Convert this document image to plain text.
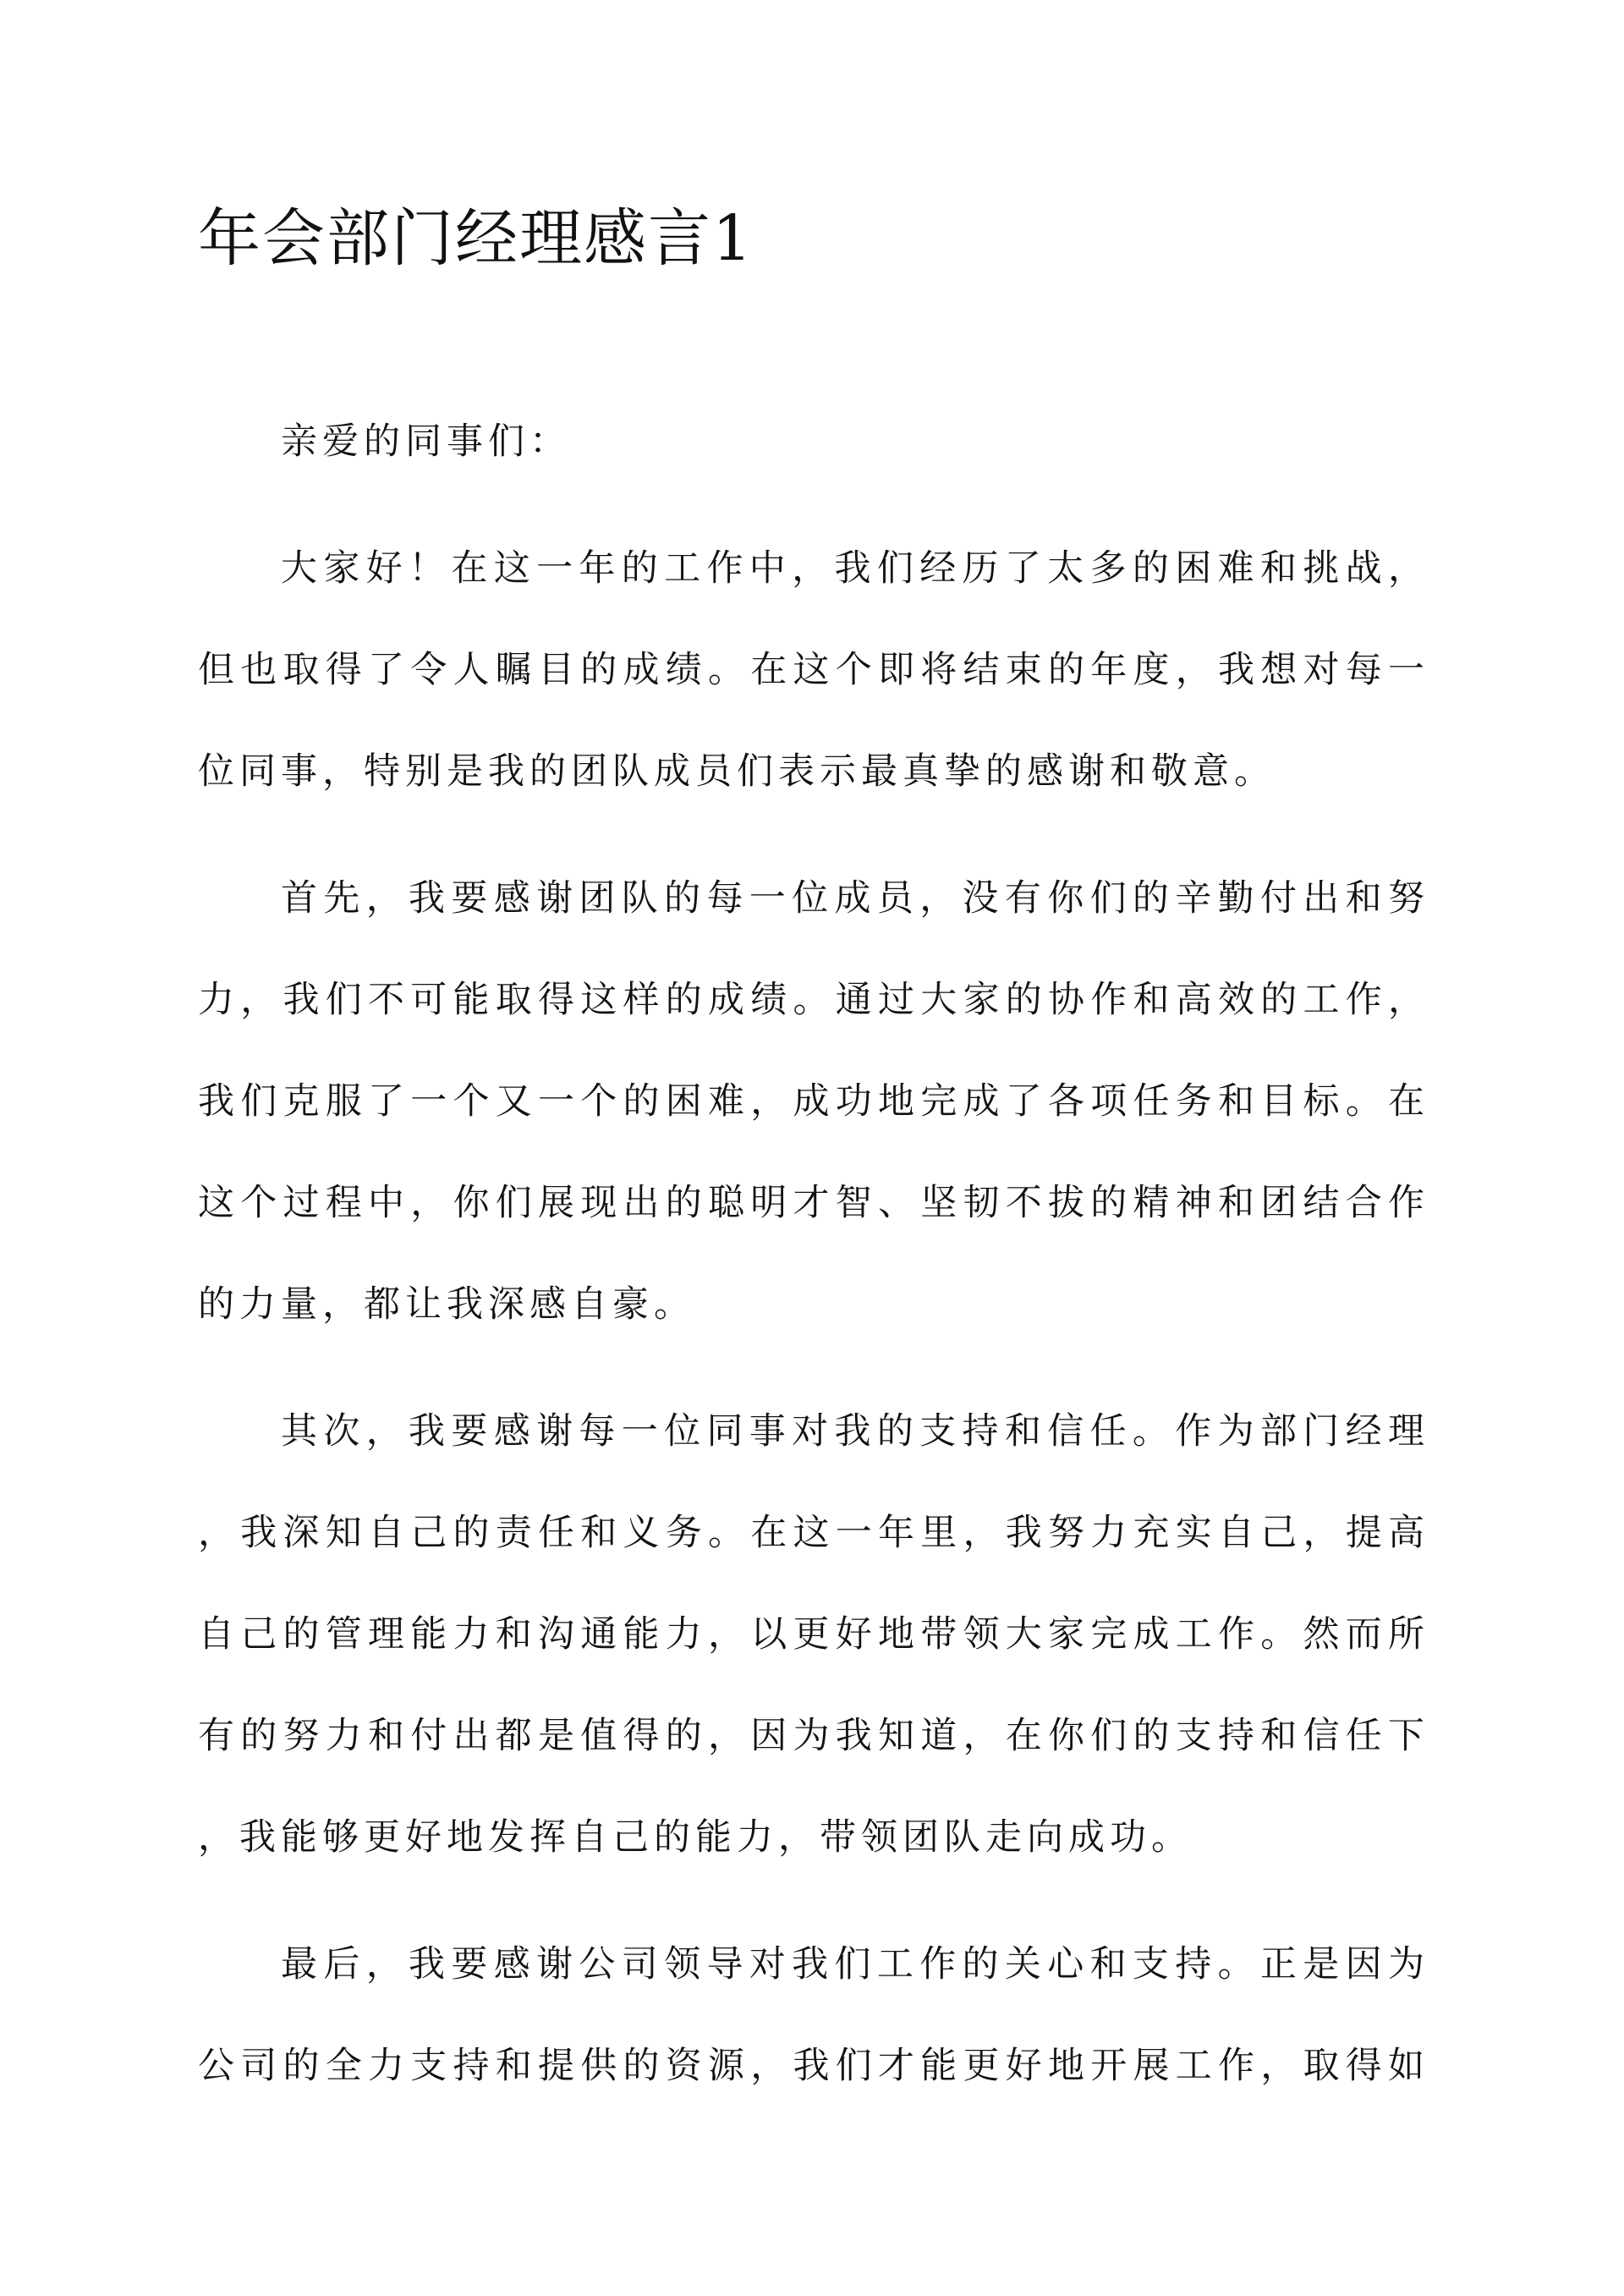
年会部门经理感言1
亲爱的同事们：
大家好！在这一年的工作中，我们经历了太多的困难和挑战，
但也取得了令人瞩目的成绩。在这个即将结束的年度，我想对每一
位同事，特别是我的团队成员们表示最真挚的感谢和敬意。
首先，我要感谢团队的每一位成员，没有你们的辛勤付出和努
力，我们不可能取得这样的成绩。通过大家的协作和高效的工作，
我们克服了一个又一个的困难，成功地完成了各项任务和目标。在
这个过程中，你们展现出的聪明才智、坚韧不拔的精神和团结合作
的力量，都让我深感自豪。
其次，我要感谢每一位同事对我的支持和信任。作为部门经理
，我深知自己的责任和义务。在这一年里，我努力充实自己，提高
自己的管理能力和沟通能力，以更好地带领大家完成工作。然而所
有的努力和付出都是值得的，因为我知道，在你们的支持和信任下
，我能够更好地发挥自己的能力，带领团队走向成功。
最后，我要感谢公司领导对我们工作的关心和支持。正是因为
公司的全力支持和提供的资源，我们才能更好地开展工作，取得如
